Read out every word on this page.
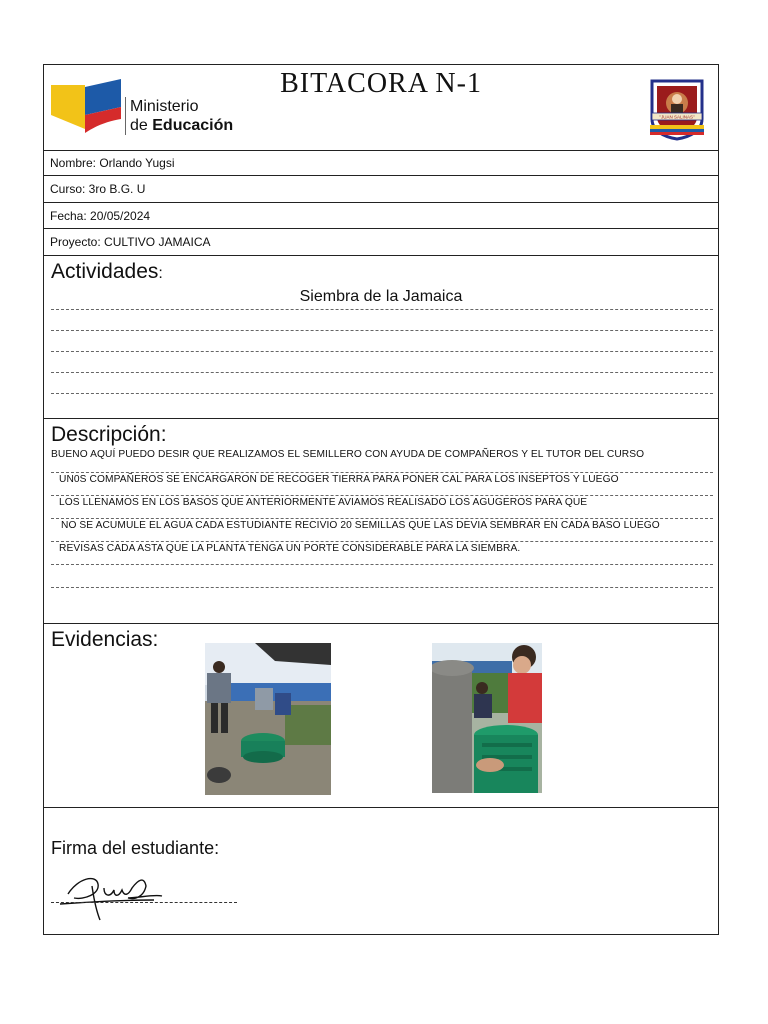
Ministerio
de Educación
BITACORA N-1
"JUAN SALINAS"
Nombre: Orlando Yugsi
Curso: 3ro B.G. U
Fecha: 20/05/2024
Proyecto: CULTIVO JAMAICA
Actividades:
Siembra de la Jamaica
Descripción:
BUENO AQUÍ PUEDO DESIR QUE REALIZAMOS EL SEMILLERO CON AYUDA DE COMPAÑEROS Y EL TUTOR DEL CURSO
UN0S COMPAÑEROS SE ENCARGARON DE RECOGER TIERRA PARA PONER CAL PARA LOS INSEPTOS Y LUEGO
LOS LLENAMOS EN LOS BASOS QUE ANTERIORMENTE AVIAMOS REALISADO LOS AGUGEROS PARA QUE
NO SE ACUMULE EL AGUA CADA ESTUDIANTE RECIVIO 20 SEMILLAS QUE LAS DEVIA SEMBRAR EN CADA BASO LUEGO
REVISAS CADA ASTA QUE LA PLANTA TENGA UN PORTE CONSIDERABLE PARA LA SIEMBRA.
Evidencias:
Firma del estudiante:
